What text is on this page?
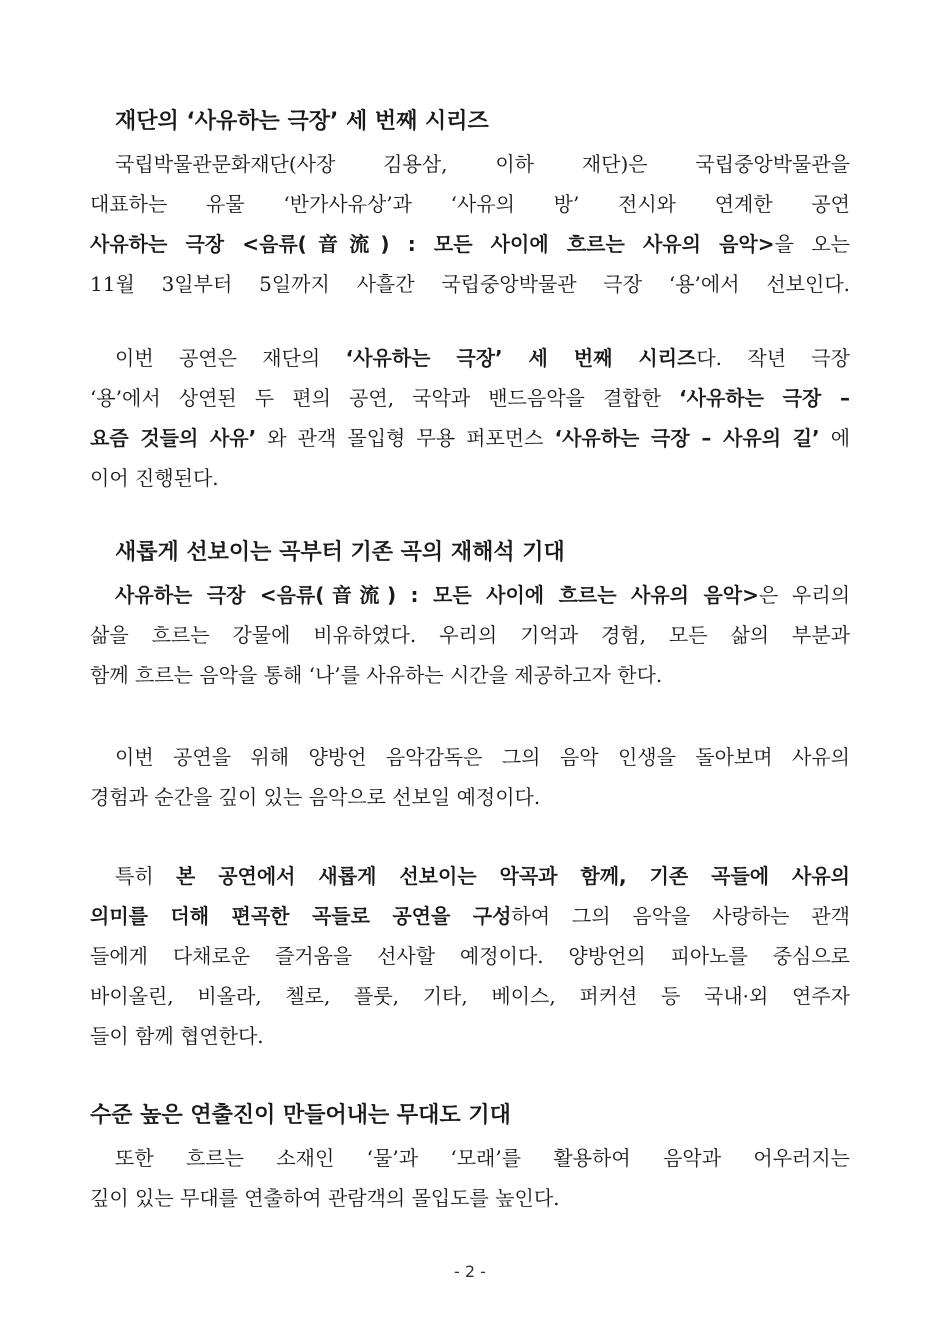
재단의 ‘사유하는 극장’ 세 번째 시리즈
국립박물관문화재단(사장 김용삼, 이하 재단)은 국립중앙박물관을
대표하는 유물 ‘반가사유상’과 ‘사유의 방’ 전시와 연계한 공연
사유하는 극장 <음류(音流) : 모든 사이에 흐르는 사유의 음악>을 오는
11월 3일부터 5일까지 사흘간 국립중앙박물관 극장 ‘용’에서 선보인다.
이번 공연은 재단의 ‘사유하는 극장’ 세 번째 시리즈다. 작년 극장
‘용’에서 상연된 두 편의 공연, 국악과 밴드음악을 결합한 ‘사유하는 극장 –
요즘 것들의 사유’ 와 관객 몰입형 무용 퍼포먼스 ‘사유하는 극장 – 사유의 길’ 에
이어 진행된다.
새롭게 선보이는 곡부터 기존 곡의 재해석 기대
사유하는 극장 <음류(音流) : 모든 사이에 흐르는 사유의 음악>은 우리의
삶을 흐르는 강물에 비유하였다. 우리의 기억과 경험, 모든 삶의 부분과
함께 흐르는 음악을 통해 ‘나’를 사유하는 시간을 제공하고자 한다.
이번 공연을 위해 양방언 음악감독은 그의 음악 인생을 돌아보며 사유의
경험과 순간을 깊이 있는 음악으로 선보일 예정이다.
특히 본 공연에서 새롭게 선보이는 악곡과 함께, 기존 곡들에 사유의
의미를 더해 편곡한 곡들로 공연을 구성하여 그의 음악을 사랑하는 관객
들에게 다채로운 즐거움을 선사할 예정이다. 양방언의 피아노를 중심으로
바이올린, 비올라, 첼로, 플룻, 기타, 베이스, 퍼커션 등 국내·외 연주자
들이 함께 협연한다.
수준 높은 연출진이 만들어내는 무대도 기대
또한 흐르는 소재인 ‘물’과 ‘모래’를 활용하여 음악과 어우러지는
깊이 있는 무대를 연출하여 관람객의 몰입도를 높인다.
- 2 -
